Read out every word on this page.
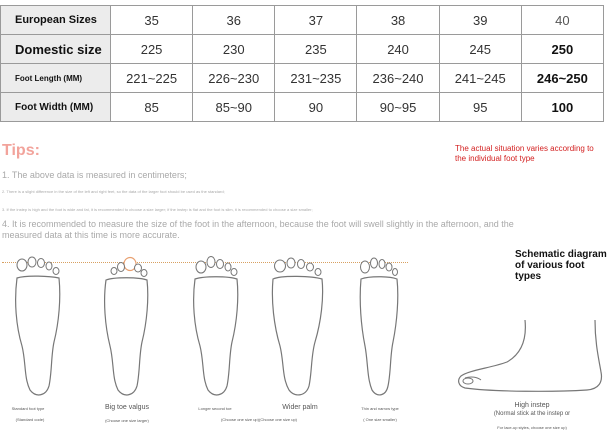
European Sizes	35	36	37	38	39	40
Domestic size	225	230	235	240	245	250
Foot Length (MM)	221~225	226~230	231~235	236~240	241~245	246~250
Foot Width (MM)	85	85~90	90	90~95	95	100
Tips:	The actual situation varies according to the individual foot type
1. The above data is measured in centimeters;
2. There is a slight difference in the size of the left and right feet, so the data of the larger foot should be used as the standard;
3. If the instep is high and the foot is wide and fat, it is recommended to choose a size larger; if the instep is flat and the foot is slim, it is recommended to choose a size smaller;
4. It is recommended to measure the size of the foot in the afternoon, because the foot will swell slightly in the afternoon, and the measured data at this time is more accurate.
Schematic diagram of various foot types
Standard foot type
(Standard code)
Big toe valgus
(Choose one size larger)
Longer second toe	Wider palm
(Choose one size up)(Choose one size up)
Thin and narrow type
( One size smaller)
High instep
(Normal stick at the instep or
For lace-up styles, choose one size up)
